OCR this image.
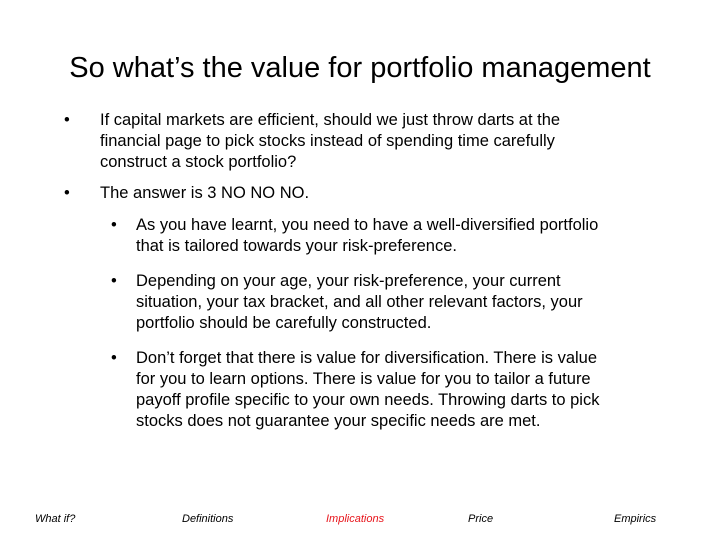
So what’s the value for portfolio management
• If capital markets are efficient, should we just throw darts at the
financial page to pick stocks instead of spending time carefully
construct a stock portfolio?
• The answer is 3 NO NO NO.
• As you have learnt, you need to have a well-diversified portfolio
that is tailored towards your risk-preference.
• Depending on your age, your risk-preference, your current
situation, your tax bracket, and all other relevant factors, your
portfolio should be carefully constructed.
• Don’t forget that there is value for diversification. There is value
for you to learn options. There is value for you to tailor a future
payoff profile specific to your own needs. Throwing darts to pick
stocks does not guarantee your specific needs are met.
What if?	Definitions	Implications	Price	Empirics
